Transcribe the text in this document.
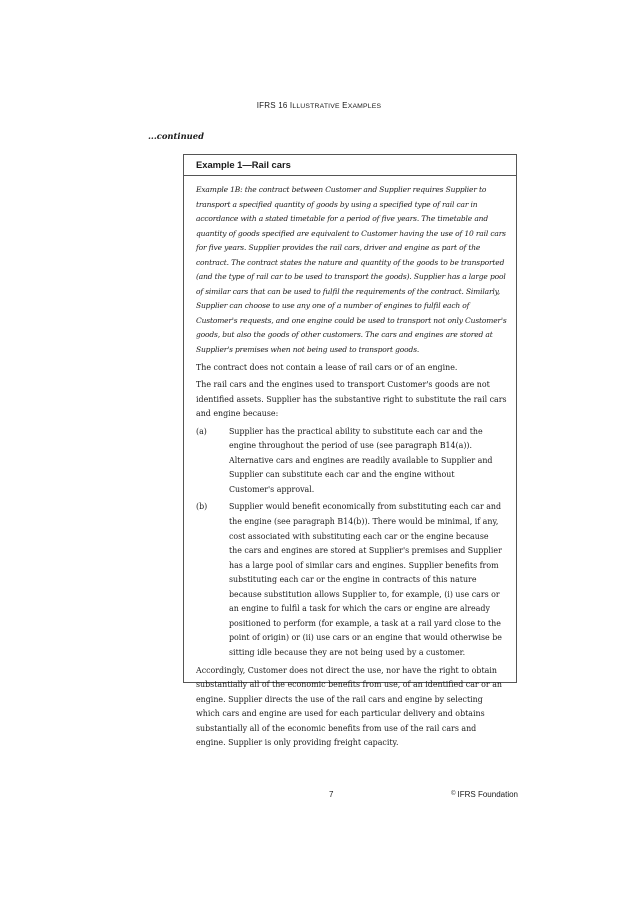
IFRS 16 ILLUSTRATIVE EXAMPLES
...continued
Example 1—Rail cars

Example 1B: the contract between Customer and Supplier requires Supplier to transport a specified quantity of goods by using a specified type of rail car in accordance with a stated timetable for a period of five years. The timetable and quantity of goods specified are equivalent to Customer having the use of 10 rail cars for five years. Supplier provides the rail cars, driver and engine as part of the contract. The contract states the nature and quantity of the goods to be transported (and the type of rail car to be used to transport the goods). Supplier has a large pool of similar cars that can be used to fulfil the requirements of the contract. Similarly, Supplier can choose to use any one of a number of engines to fulfil each of Customer's requests, and one engine could be used to transport not only Customer's goods, but also the goods of other customers. The cars and engines are stored at Supplier's premises when not being used to transport goods.

The contract does not contain a lease of rail cars or of an engine.

The rail cars and the engines used to transport Customer's goods are not identified assets. Supplier has the substantive right to substitute the rail cars and engine because:

(a)	Supplier has the practical ability to substitute each car and the engine throughout the period of use (see paragraph B14(a)). Alternative cars and engines are readily available to Supplier and Supplier can substitute each car and the engine without Customer's approval.
(b)	Supplier would benefit economically from substituting each car and the engine (see paragraph B14(b)). There would be minimal, if any, cost associated with substituting each car or the engine because the cars and engines are stored at Supplier's premises and Supplier has a large pool of similar cars and engines. Supplier benefits from substituting each car or the engine in contracts of this nature because substitution allows Supplier to, for example, (i) use cars or an engine to fulfil a task for which the cars or engine are already positioned to perform (for example, a task at a rail yard close to the point of origin) or (ii) use cars or an engine that would otherwise be sitting idle because they are not being used by a customer.

Accordingly, Customer does not direct the use, nor have the right to obtain substantially all of the economic benefits from use, of an identified car or an engine. Supplier directs the use of the rail cars and engine by selecting which cars and engine are used for each particular delivery and obtains substantially all of the economic benefits from use of the rail cars and engine. Supplier is only providing freight capacity.

7	© IFRS Foundation
